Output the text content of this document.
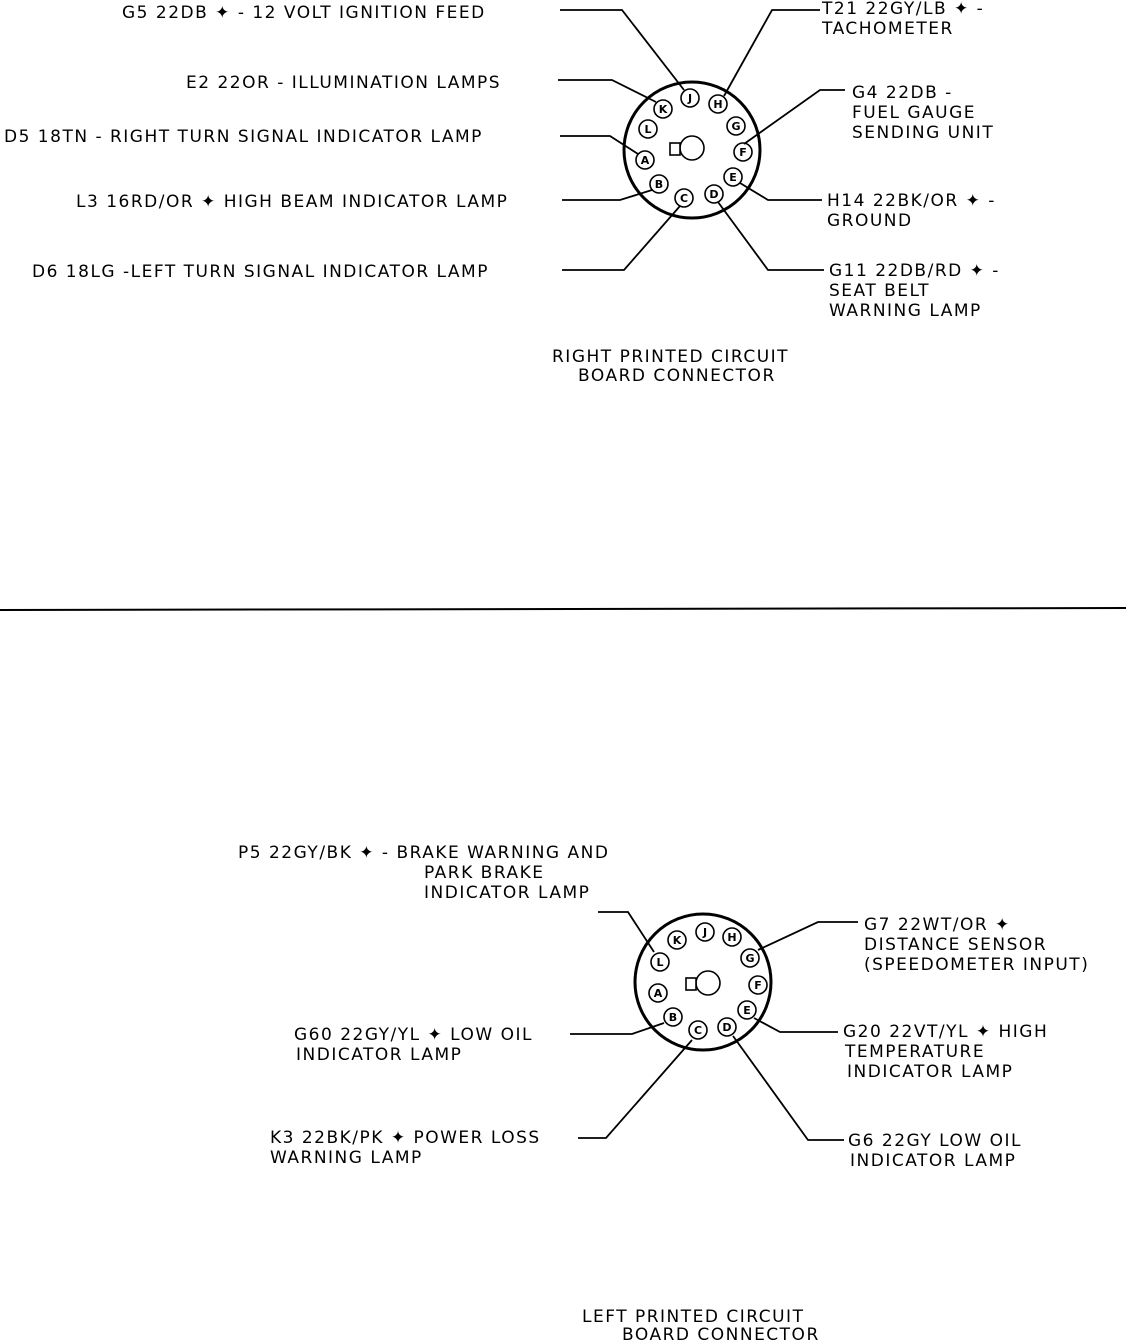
K
J H
L	G
A
F
B
C D
E
G5 22DB ✦ - 12 VOLT IGNITION FEED
E2 22OR - ILLUMINATION LAMPS
D5 18TN - RIGHT TURN SIGNAL INDICATOR LAMP
L3 16RD/OR ✦ HIGH BEAM INDICATOR LAMP
D6 18LG -LEFT TURN SIGNAL INDICATOR LAMP
T21 22GY/LB ✦ - TACHOMETER
G4 22DB - FUEL GAUGE SENDING UNIT
H14 22BK/OR ✦ - GROUND
G11 22DB/RD ✦ - SEAT BELT WARNING LAMP
RIGHT PRINTED CIRCUIT BOARD CONNECTOR
K
J H
L	G
A
F
B
C D
E
P5 22GY/BK ✦ - BRAKE WARNING AND PARK BRAKE INDICATOR LAMP
G60 22GY/YL ✦ LOW OIL INDICATOR LAMP
K3 22BK/PK ✦ POWER LOSS WARNING LAMP
G7 22WT/OR ✦ DISTANCE SENSOR (SPEEDOMETER INPUT)
G20 22VT/YL ✦ HIGH TEMPERATURE INDICATOR LAMP
G6 22GY LOW OIL INDICATOR LAMP
LEFT PRINTED CIRCUIT BOARD CONNECTOR
